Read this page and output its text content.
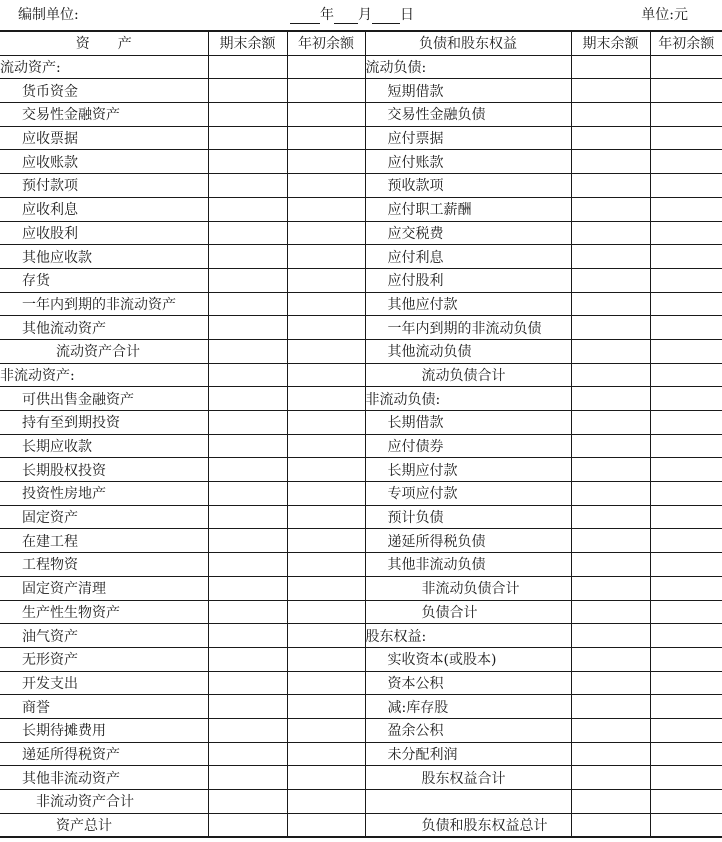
编制单位:	年 月 日	单位:元
资　　产	期末余额	年初余额	负债和股东权益	期末余额	年初余额
流动资产:			流动负债:		
货币资金			短期借款		
交易性金融资产			交易性金融负债		
应收票据			应付票据		
应收账款			应付账款		
预付款项			预收款项		
应收利息			应付职工薪酬		
应收股利			应交税费		
其他应收款			应付利息		
存货			应付股利		
一年内到期的非流动资产			其他应付款		
其他流动资产			一年内到期的非流动负债		
流动资产合计			其他流动负债		
非流动资产:			流动负债合计		
可供出售金融资产			非流动负债:		
持有至到期投资			长期借款		
长期应收款			应付债券		
长期股权投资			长期应付款		
投资性房地产			专项应付款		
固定资产			预计负债		
在建工程			递延所得税负债		
工程物资			其他非流动负债		
固定资产清理			非流动负债合计		
生产性生物资产			负债合计		
油气资产			股东权益:		
无形资产			实收资本(或股本)		
开发支出			资本公积		
商誉			减:库存股		
长期待摊费用			盈余公积		
递延所得税资产			未分配利润		
其他非流动资产			股东权益合计		
非流动资产合计					
资产总计			负债和股东权益总计		
